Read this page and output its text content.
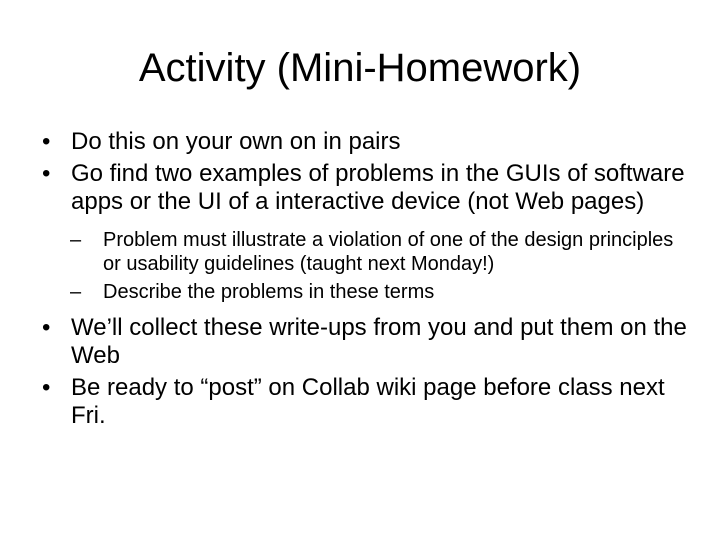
Activity (Mini-Homework)
• Do this on your own on in pairs
• Go find two examples of problems in the GUIs of software apps or the UI of a interactive device (not Web pages)
–	Problem must illustrate a violation of one of the design principles or usability guidelines (taught next Monday!)
–	Describe the problems in these terms
• We’ll collect these write-ups from you and put them on the Web
• Be ready to “post” on Collab wiki page before class next Fri.
